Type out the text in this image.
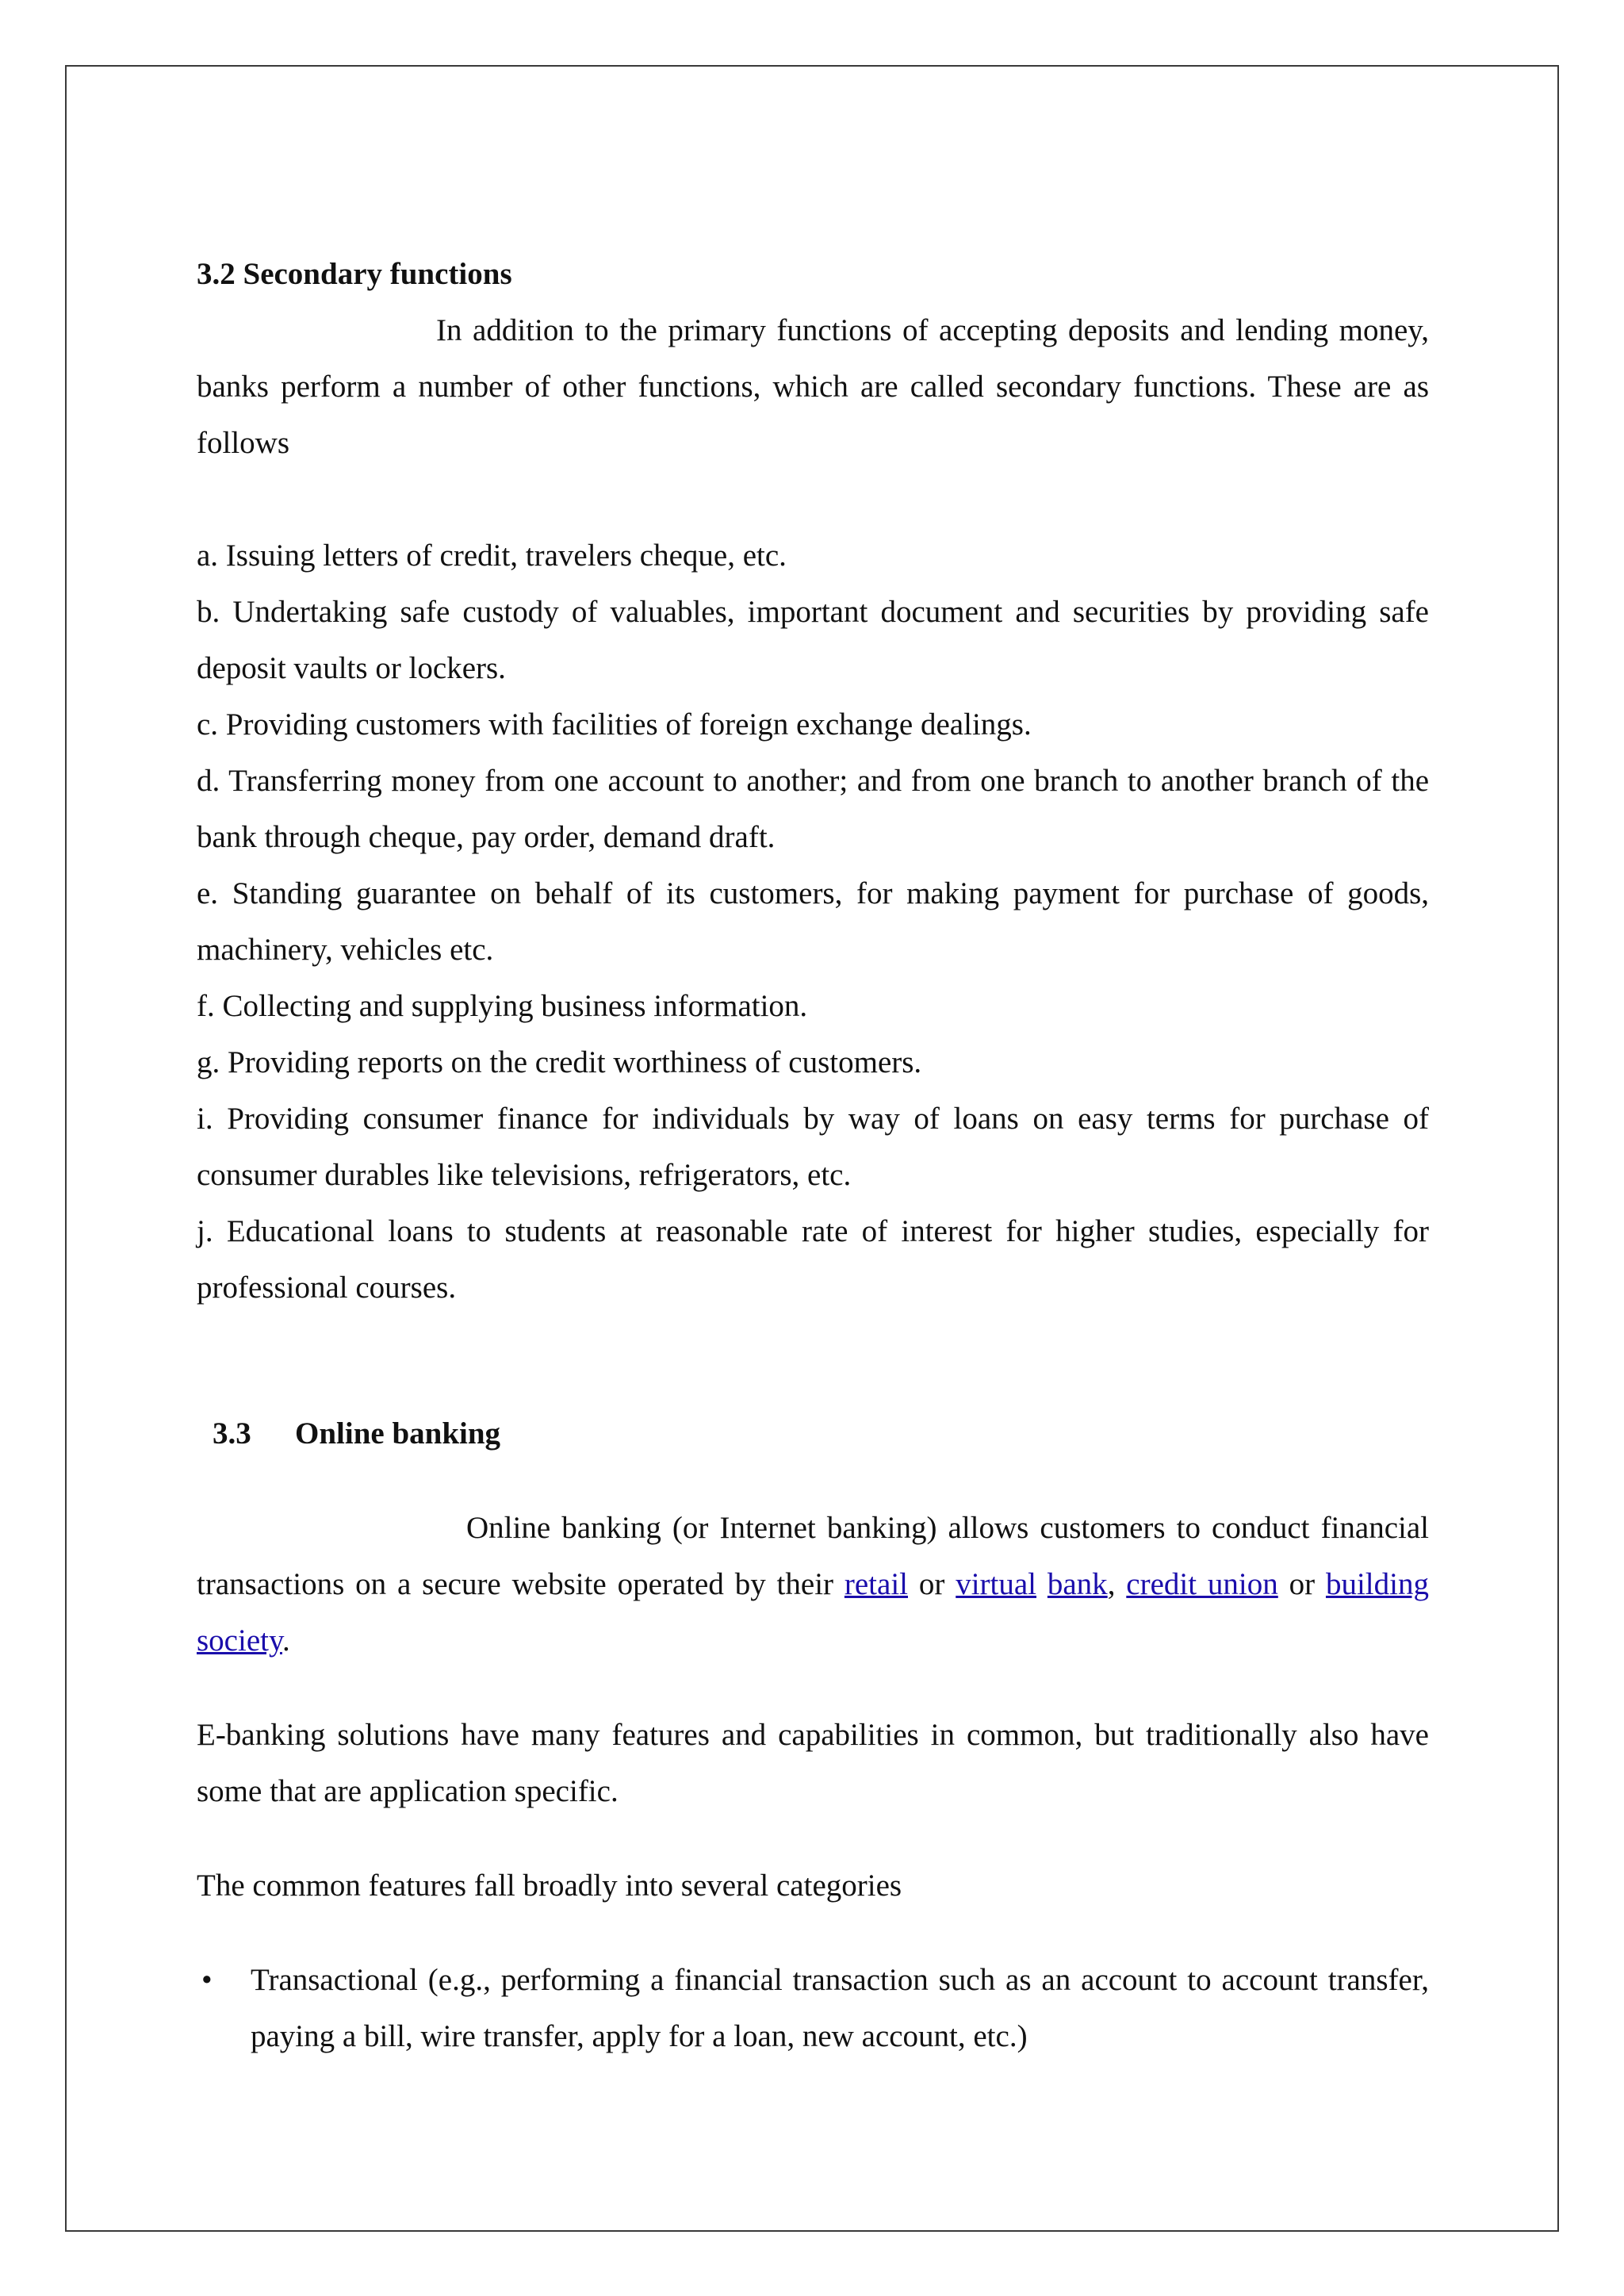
3.2 Secondary functions

In addition to the primary functions of accepting deposits and lending money, banks perform a number of other functions, which are called secondary functions. These are as follows

a. Issuing letters of credit, travelers cheque, etc.

b. Undertaking safe custody of valuables, important document and securities by providing safe deposit vaults or lockers.

c. Providing customers with facilities of foreign exchange dealings.

d. Transferring money from one account to another; and from one branch to another branch of the bank through cheque, pay order, demand draft.

e. Standing guarantee on behalf of its customers, for making payment for purchase of goods, machinery, vehicles etc.

f. Collecting and supplying business information.

g. Providing reports on the credit worthiness of customers.

i. Providing consumer finance for individuals by way of loans on easy terms for purchase of consumer durables like televisions, refrigerators, etc.

j. Educational loans to students at reasonable rate of interest for higher studies, especially for professional courses.

3.3 Online banking

Online banking (or Internet banking) allows customers to conduct financial transactions on a secure website operated by their retail or virtual bank, credit union or building society.

E-banking solutions have many features and capabilities in common, but traditionally also have some that are application specific.

The common features fall broadly into several categories

• Transactional (e.g., performing a financial transaction such as an account to account transfer, paying a bill, wire transfer, apply for a loan, new account, etc.)
